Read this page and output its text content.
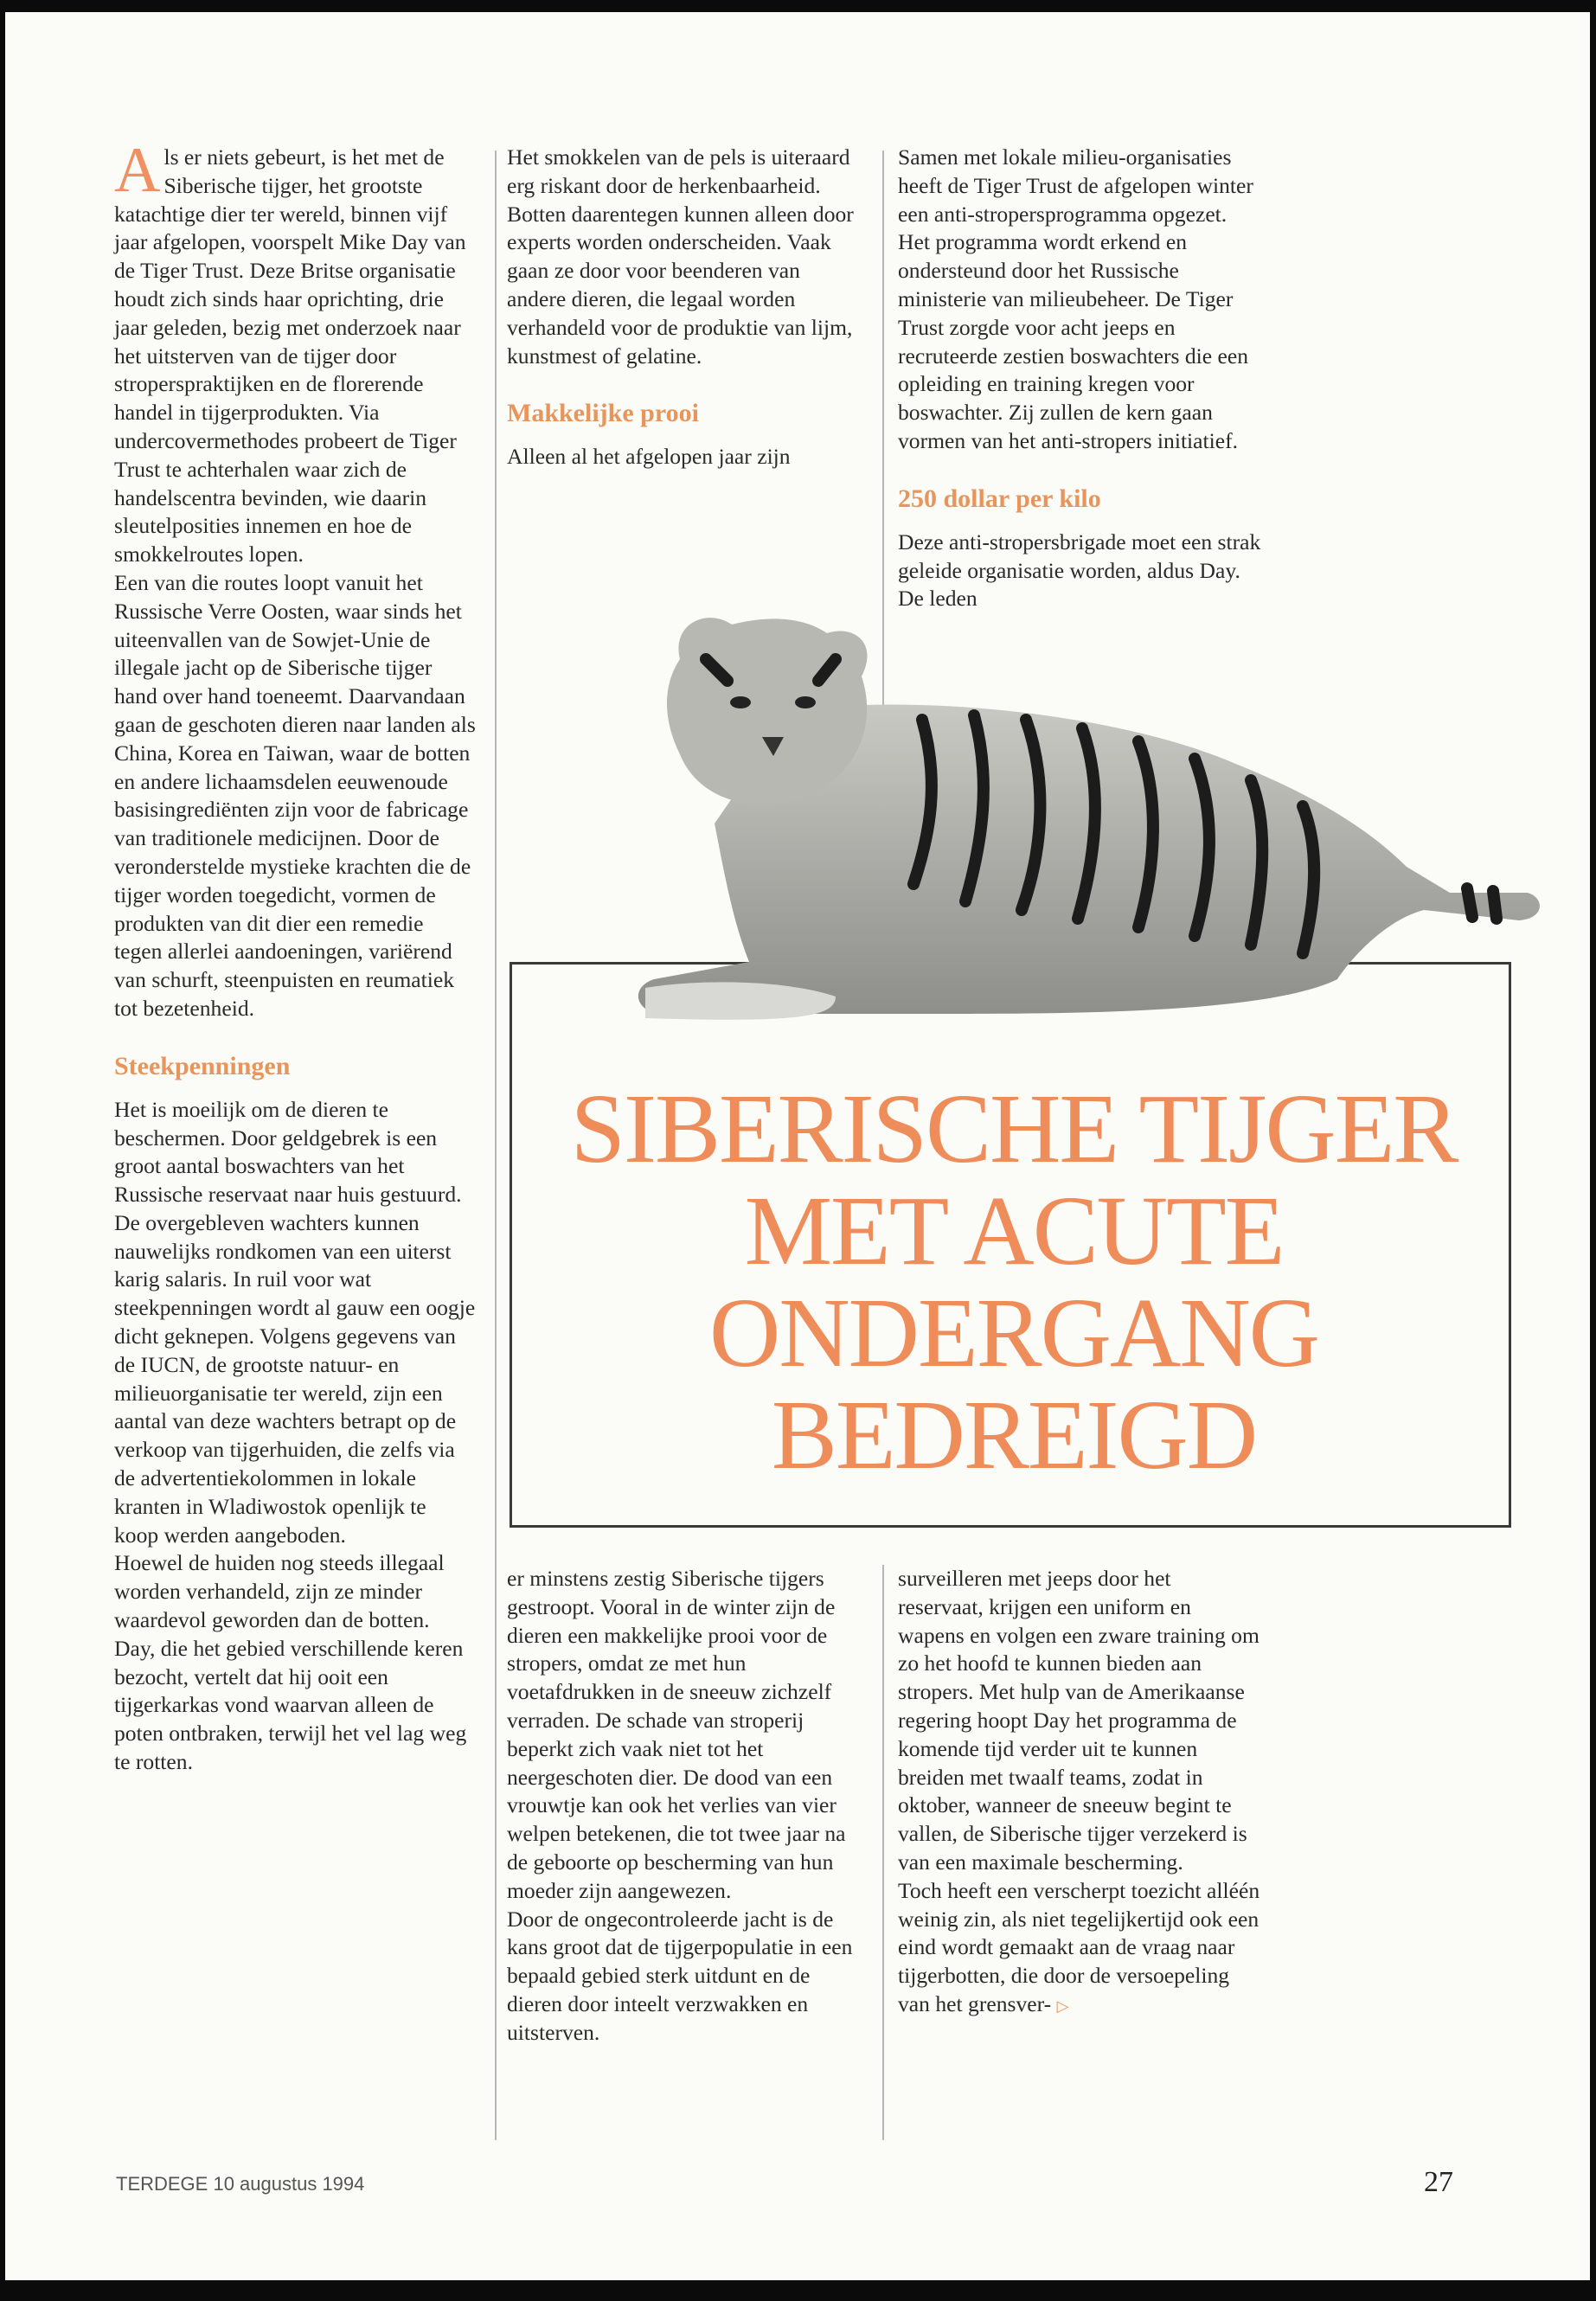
Als er niets gebeurt, is het met de Siberische tijger, het grootste katachtige dier ter wereld, binnen vijf jaar afgelopen, voorspelt Mike Day van de Tiger Trust. Deze Britse organisatie houdt zich sinds haar oprichting, drie jaar geleden, bezig met onderzoek naar het uitsterven van de tijger door stroperspraktijken en de florerende handel in tijgerprodukten. Via undercovermethodes probeert de Tiger Trust te achterhalen waar zich de handelscentra bevinden, wie daarin sleutelposities innemen en hoe de smokkelroutes lopen.

Een van die routes loopt vanuit het Russische Verre Oosten, waar sinds het uiteenvallen van de Sowjet-Unie de illegale jacht op de Siberische tijger hand over hand toeneemt. Daarvandaan gaan de geschoten dieren naar landen als China, Korea en Taiwan, waar de botten en andere lichaamsdelen eeuwenoude basisingrediënten zijn voor de fabricage van traditionele medicijnen. Door de veronderstelde mystieke krachten die de tijger worden toegedicht, vormen de produkten van dit dier een remedie tegen allerlei aandoeningen, variërend van schurft, steenpuisten en reumatiek tot bezetenheid.

Steekpenningen

Het is moeilijk om de dieren te beschermen. Door geldgebrek is een groot aantal boswachters van het Russische reservaat naar huis gestuurd. De overgebleven wachters kunnen nauwelijks rondkomen van een uiterst karig salaris. In ruil voor wat steekpenningen wordt al gauw een oogje dicht geknepen. Volgens gegevens van de IUCN, de grootste natuur- en milieuorganisatie ter wereld, zijn een aantal van deze wachters betrapt op de verkoop van tijgerhuiden, die zelfs via de advertentiekolommen in lokale kranten in Wladiwostok openlijk te koop werden aangeboden.

Hoewel de huiden nog steeds illegaal worden verhandeld, zijn ze minder waardevol geworden dan de botten. Day, die het gebied verschillende keren bezocht, vertelt dat hij ooit een tijgerkarkas vond waarvan alleen de poten ontbraken, terwijl het vel lag weg te rotten.

Het smokkelen van de pels is uiteraard erg riskant door de herkenbaarheid. Botten daarentegen kunnen alleen door experts worden onderscheiden. Vaak gaan ze door voor beenderen van andere dieren, die legaal worden verhandeld voor de produktie van lijm, kunstmest of gelatine.

Makkelijke prooi

Alleen al het afgelopen jaar zijn

Samen met lokale milieu-organisaties heeft de Tiger Trust de afgelopen winter een anti-stropersprogramma opgezet. Het programma wordt erkend en ondersteund door het Russische ministerie van milieubeheer. De Tiger Trust zorgde voor acht jeeps en recruteerde zestien boswachters die een opleiding en training kregen voor boswachter. Zij zullen de kern gaan vormen van het anti-stropers initiatief.

250 dollar per kilo

Deze anti-stropersbrigade moet een strak geleide organisatie worden, aldus Day. De leden

SIBERISCHE TIJGER
MET ACUTE
ONDERGANG
BEDREIGD

er minstens zestig Siberische tijgers gestroopt. Vooral in de winter zijn de dieren een makkelijke prooi voor de stropers, omdat ze met hun voetafdrukken in de sneeuw zichzelf verraden. De schade van stroperij beperkt zich vaak niet tot het neergeschoten dier. De dood van een vrouwtje kan ook het verlies van vier welpen betekenen, die tot twee jaar na de geboorte op bescherming van hun moeder zijn aangewezen.

Door de ongecontroleerde jacht is de kans groot dat de tijgerpopulatie in een bepaald gebied sterk uitdunt en de dieren door inteelt verzwakken en uitsterven.

surveilleren met jeeps door het reservaat, krijgen een uniform en wapens en volgen een zware training om zo het hoofd te kunnen bieden aan stropers. Met hulp van de Amerikaanse regering hoopt Day het programma de komende tijd verder uit te kunnen breiden met twaalf teams, zodat in oktober, wanneer de sneeuw begint te vallen, de Siberische tijger verzekerd is van een maximale bescherming.

Toch heeft een verscherpt toezicht alléén weinig zin, als niet tegelijkertijd ook een eind wordt gemaakt aan de vraag naar tijgerbotten, die door de versoepeling van het grensver- ▷

TERDEGE 10 augustus 1994	27
